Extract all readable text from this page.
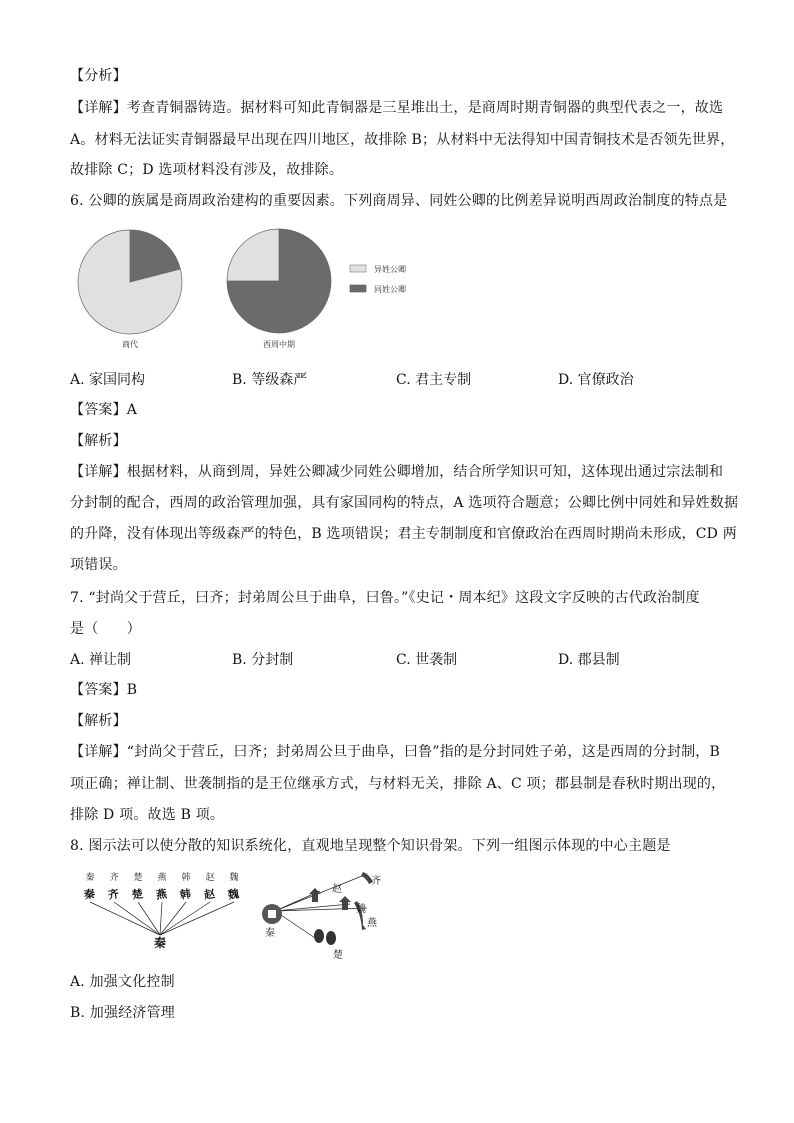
【分析】
【详解】考查青铜器铸造。据材料可知此青铜器是三星堆出土，是商周时期青铜器的典型代表之一，故选
A。材料无法证实青铜器最早出现在四川地区，故排除 B；从材料中无法得知中国青铜技术是否领先世界，
故排除 C；D 选项材料没有涉及，故排除。
6. 公卿的族属是商周政治建构的重要因素。下列商周异、同姓公卿的比例差异说明西周政治制度的特点是
商代	西周中期
异姓公卿
同姓公卿
A. 家国同构	B. 等级森严	C. 君主专制	D. 官僚政治
【答案】A
【解析】
【详解】根据材料，从商到周，异姓公卿减少同姓公卿增加，结合所学知识可知，这体现出通过宗法制和
分封制的配合，西周的政治管理加强，具有家国同构的特点，A 选项符合题意；公卿比例中同姓和异姓数据
的升降，没有体现出等级森严的特色，B 选项错误；君主专制制度和官僚政治在西周时期尚未形成，CD 两
项错误。
7. “封尚父于营丘，曰齐；封弟周公旦于曲阜，曰鲁。”《史记・周本纪》这段文字反映的古代政治制度
是（　　）
A. 禅让制	B. 分封制	C. 世袭制	D. 郡县制
【答案】B
【解析】
【详解】“封尚父于营丘，曰齐；封弟周公旦于曲阜，曰鲁”指的是分封同姓子弟，这是西周的分封制，B
项正确；禅让制、世袭制指的是王位继承方式，与材料无关，排除 A、C 项；郡县制是春秋时期出现的，
排除 D 项。故选 B 项。
8. 图示法可以使分散的知识系统化，直观地呈现整个知识骨架。下列一组图示体现的中心主题是
秦
秦
齐
齐
楚
楚
燕
燕
韩
韩
赵
赵
魏
魏
秦
齐
赵
魏
燕
秦
楚
A. 加强文化控制
B. 加强经济管理
